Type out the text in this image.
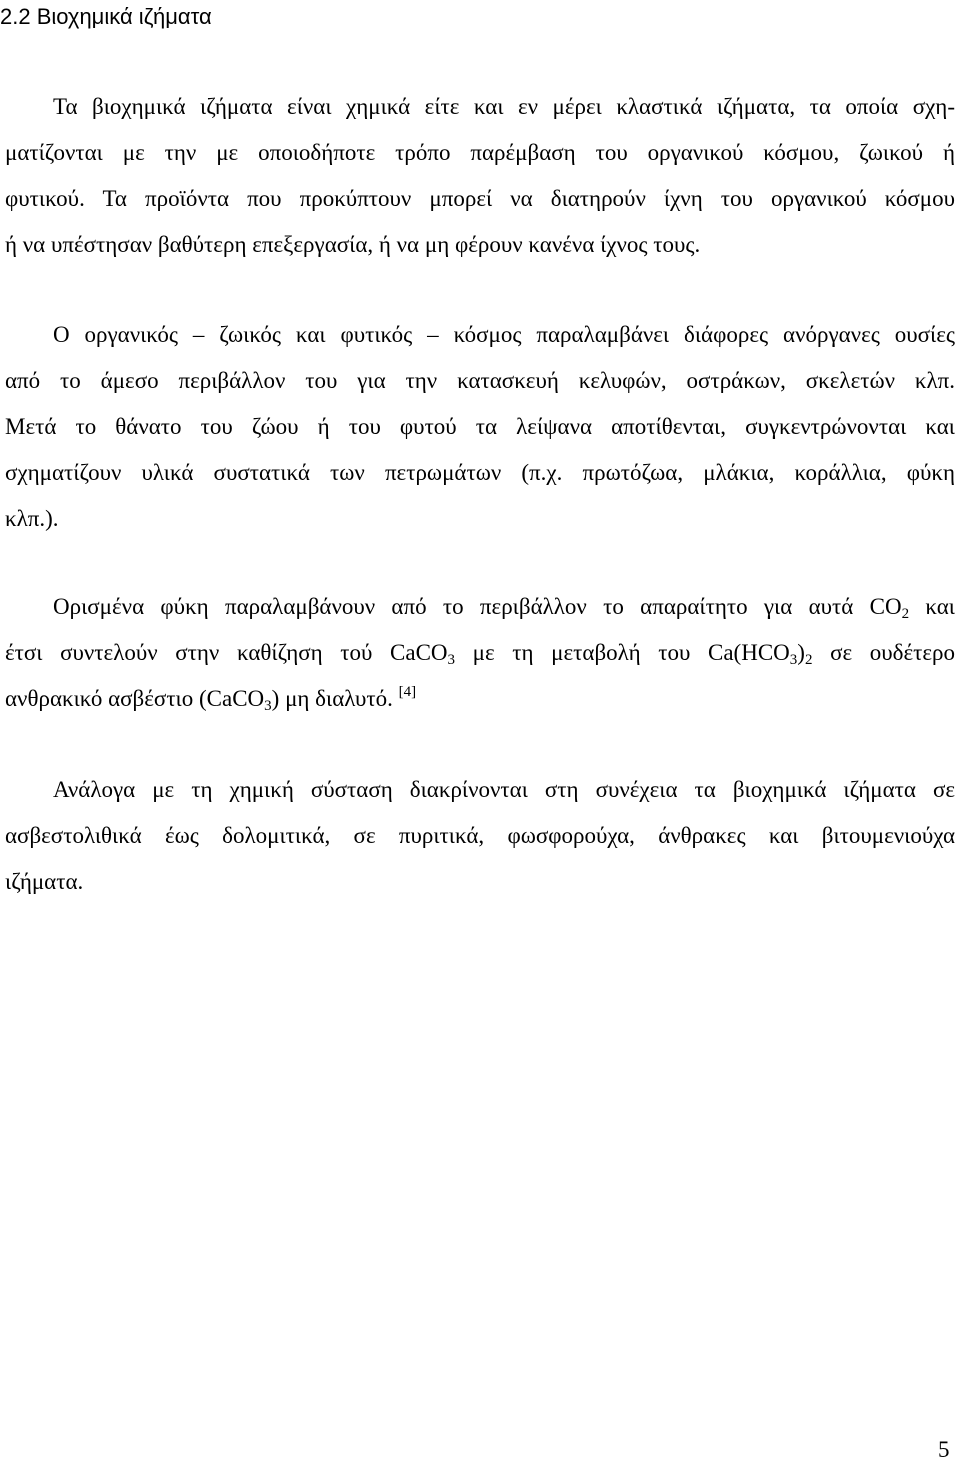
2.2 Βιοχημικά ιζήματα

Τα βιοχημικά ιζήματα είναι χημικά είτε και εν μέρει κλαστικά ιζήματα, τα οποία σχη-
ματίζονται με την με οποιοδήποτε τρόπο παρέμβαση του οργανικού κόσμου, ζωικού ή
φυτικού. Τα προϊόντα που προκύπτουν μπορεί να διατηρούν ίχνη του οργανικού κόσμου
ή να υπέστησαν βαθύτερη επεξεργασία, ή να μη φέρουν κανένα ίχνος τους.

Ο οργανικός – ζωικός και φυτικός – κόσμος παραλαμβάνει διάφορες ανόργανες ουσίες
από το άμεσο περιβάλλον του για την κατασκευή κελυφών, οστράκων, σκελετών κλπ.
Μετά το θάνατο του ζώου ή του φυτού τα λείψανα αποτίθενται, συγκεντρώνονται και
σχηματίζουν υλικά συστατικά των πετρωμάτων (π.χ. πρωτόζωα, μλάκια, κοράλλια, φύκη
κλπ.).

Ορισμένα φύκη παραλαμβάνουν από το περιβάλλον το απαραίτητο για αυτά $CO_2$ και
έτσι συντελούν στην καθίζηση τού CaCO$_3$ με τη μεταβολή του $Ca(HCO_3)_2$ σε ουδέτερο
ανθρακικό ασβέστιο (CaCO$_3$) μη διαλυτό. [4]

Ανάλογα με τη χημική σύσταση διακρίνονται στη συνέχεια τα βιοχημικά ιζήματα σε
ασβεστολιθικά έως δολομιτικά, σε πυριτικά, φωσφορούχα, άνθρακες και βιτουμενιούχα
ιζήματα.

5
